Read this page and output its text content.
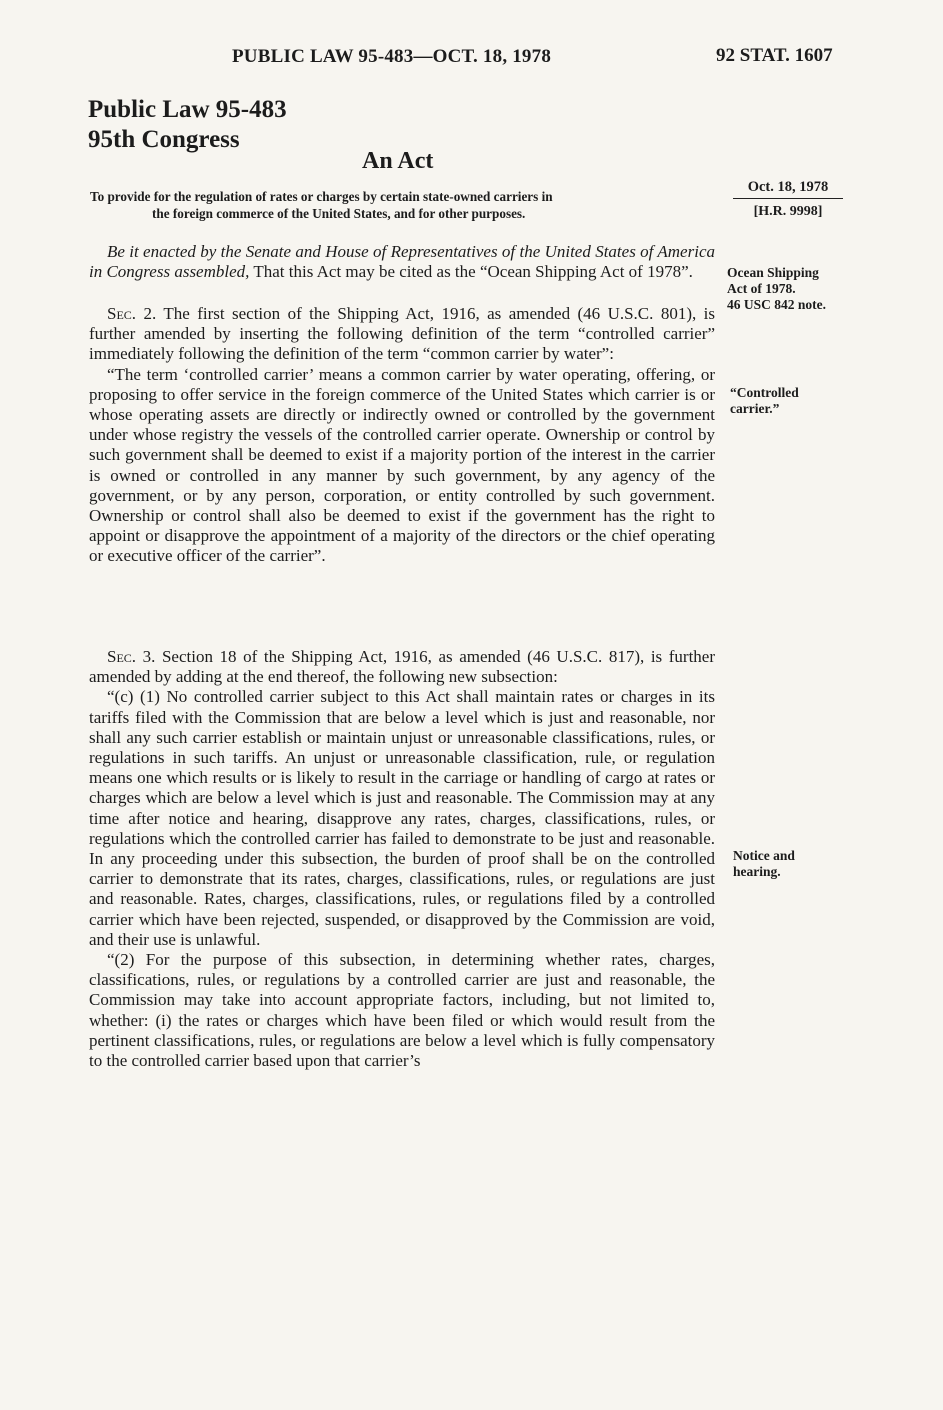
PUBLIC LAW 95-483—OCT. 18, 1978	92 STAT. 1607
Public Law 95-483
95th Congress
An Act
To provide for the regulation of rates or charges by certain state-owned carriers in
the foreign commerce of the United States, and for other purposes.
Oct. 18, 1978
[H.R. 9998]
Ocean Shipping
Act of 1978.
46 USC 842 note.
“Controlled
carrier.”
Notice and
hearing.

Be it enacted by the Senate and House of Representatives of the United States of America in Congress assembled, That this Act may be cited as the “Ocean Shipping Act of 1978”.

Sec. 2. The first section of the Shipping Act, 1916, as amended (46 U.S.C. 801), is further amended by inserting the following definition of the term “controlled carrier” immediately following the definition of the term “common carrier by water”:

“The term ‘controlled carrier’ means a common carrier by water operating, offering, or proposing to offer service in the foreign commerce of the United States which carrier is or whose operating assets are directly or indirectly owned or controlled by the government under whose registry the vessels of the controlled carrier operate. Ownership or control by such government shall be deemed to exist if a majority portion of the interest in the carrier is owned or controlled in any manner by such government, by any agency of the government, or by any person, corporation, or entity controlled by such government. Ownership or control shall also be deemed to exist if the government has the right to appoint or disapprove the appointment of a majority of the directors or the chief operating or executive officer of the carrier”.

Sec. 3. Section 18 of the Shipping Act, 1916, as amended (46 U.S.C. 817), is further amended by adding at the end thereof, the following new subsection:

“(c) (1) No controlled carrier subject to this Act shall maintain rates or charges in its tariffs filed with the Commission that are below a level which is just and reasonable, nor shall any such carrier establish or maintain unjust or unreasonable classifications, rules, or regulations in such tariffs. An unjust or unreasonable classification, rule, or regulation means one which results or is likely to result in the carriage or handling of cargo at rates or charges which are below a level which is just and reasonable. The Commission may at any time after notice and hearing, disapprove any rates, charges, classifications, rules, or regulations which the controlled carrier has failed to demonstrate to be just and reasonable. In any proceeding under this subsection, the burden of proof shall be on the controlled carrier to demonstrate that its rates, charges, classifications, rules, or regulations are just and reasonable. Rates, charges, classifications, rules, or regulations filed by a controlled carrier which have been rejected, suspended, or disapproved by the Commission are void, and their use is unlawful.

“(2) For the purpose of this subsection, in determining whether rates, charges, classifications, rules, or regulations by a controlled carrier are just and reasonable, the Commission may take into account appropriate factors, including, but not limited to, whether: (i) the rates or charges which have been filed or which would result from the pertinent classifications, rules, or regulations are below a level which is fully compensatory to the controlled carrier based upon that carrier’s
